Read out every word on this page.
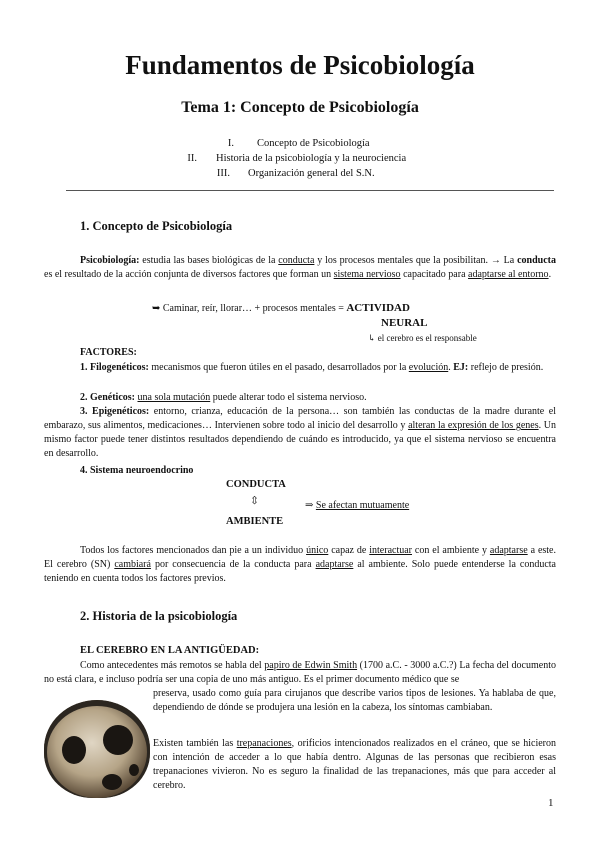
Fundamentos de Psicobiología
Tema 1: Concepto de Psicobiología
I. Concepto de Psicobiología
II. Historia de la psicobiología y la neurociencia
III. Organización general del S.N.
1. Concepto de Psicobiología
Psicobiología: estudia las bases biológicas de la conducta y los procesos mentales que la posibilitan. → La conducta es el resultado de la acción conjunta de diversos factores que forman un sistema nervioso capacitado para adaptarse al entorno.
➥ Caminar, reír, llorar… + procesos mentales = ACTIVIDAD
NEURAL
↳ el cerebro es el responsable
FACTORES:
1. Filogenéticos: mecanismos que fueron útiles en el pasado, desarrollados por la evolución. EJ: reflejo de presión.
2. Genéticos: una sola mutación puede alterar todo el sistema nervioso.
3. Epigenéticos: entorno, crianza, educación de la persona… son también las conductas de la madre durante el embarazo, sus alimentos, medicaciones… Intervienen sobre todo al inicio del desarrollo y alteran la expresión de los genes. Un mismo factor puede tener distintos resultados dependiendo de cuándo es introducido, ya que el sistema nervioso se encuentra en desarrollo.
4. Sistema neuroendocrino
CONDUCTA
⇳	⇒ Se afectan mutuamente
AMBIENTE
Todos los factores mencionados dan pie a un individuo único capaz de interactuar con el ambiente y adaptarse a este. El cerebro (SN) cambiará por consecuencia de la conducta para adaptarse al ambiente. Solo puede entenderse la conducta teniendo en cuenta todos los factores previos.
2. Historia de la psicobiología
EL CEREBRO EN LA ANTIGÜEDAD:
Como antecedentes más remotos se habla del papiro de Edwin Smith (1700 a.C. - 3000 a.C.?) La fecha del documento no está clara, e incluso podría ser una copia de uno más antiguo. Es el primer documento médico que se
preserva, usado como guía para cirujanos que describe varios tipos de lesiones. Ya hablaba de que, dependiendo de dónde se produjera una lesión en la cabeza, los síntomas cambiaban.
Existen también las trepanaciones, orificios intencionados realizados en el cráneo, que se hicieron con intención de acceder a lo que había dentro. Algunas de las personas que recibieron esas trepanaciones vivieron. No es seguro la finalidad de las trepanaciones, más que para acceder al cerebro.
1
